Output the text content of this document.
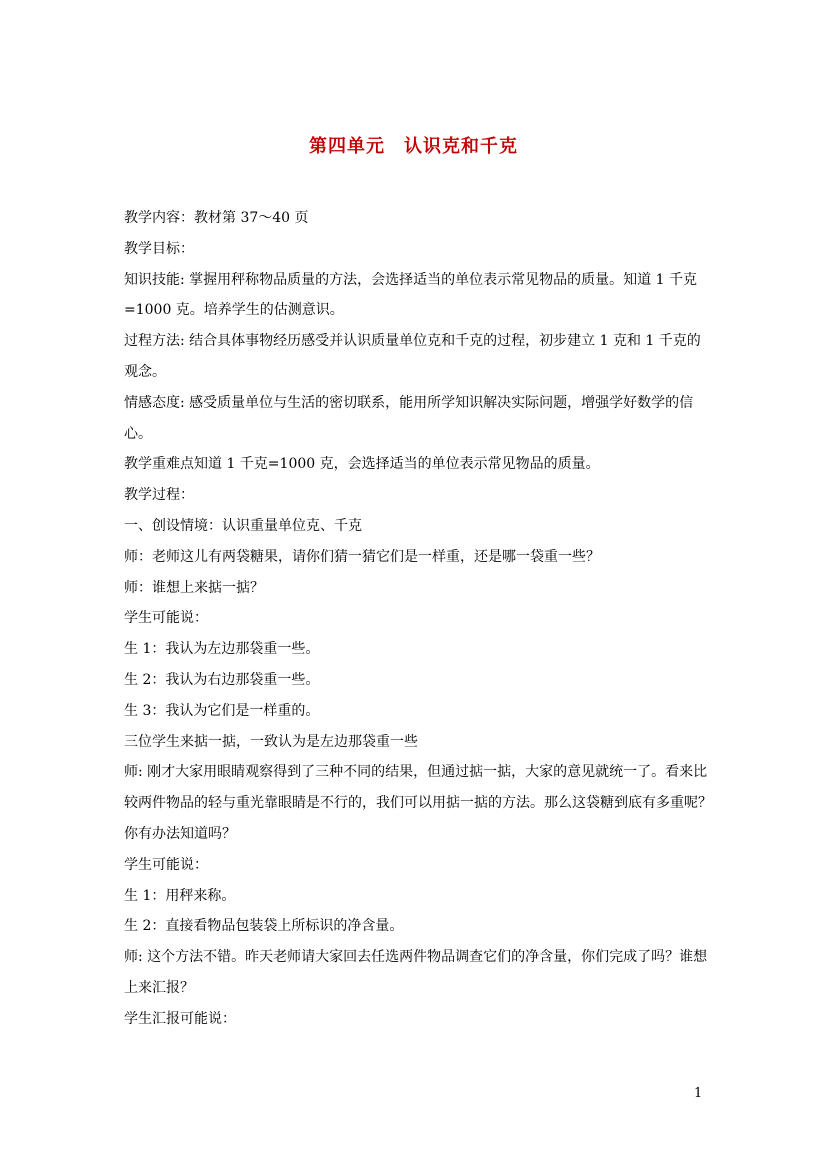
第四单元　认识克和千克

教学内容：教材第 37～40 页

教学目标：

知识技能: 掌握用秤称物品质量的方法，会选择适当的单位表示常见物品的质量。知道 1 千克=1000 克。培养学生的估测意识。

过程方法: 结合具体事物经历感受并认识质量单位克和千克的过程，初步建立 1 克和 1 千克的观念。

情感态度: 感受质量单位与生活的密切联系，能用所学知识解决实际问题，增强学好数学的信心。

教学重难点知道 1 千克=1000 克，会选择适当的单位表示常见物品的质量。

教学过程：

一、创设情境：认识重量单位克、千克

师：老师这儿有两袋糖果，请你们猜一猜它们是一样重，还是哪一袋重一些？

师：谁想上来掂一掂？

学生可能说：

生 1：我认为左边那袋重一些。

生 2：我认为右边那袋重一些。

生 3：我认为它们是一样重的。

三位学生来掂一掂，一致认为是左边那袋重一些

师: 刚才大家用眼睛观察得到了三种不同的结果，但通过掂一掂，大家的意见就统一了。看来比较两件物品的轻与重光靠眼睛是不行的，我们可以用掂一掂的方法。那么这袋糖到底有多重呢？你有办法知道吗？

学生可能说：

生 1：用秤来称。

生 2：直接看物品包装袋上所标识的净含量。

师: 这个方法不错。昨天老师请大家回去任选两件物品调查它们的净含量，你们完成了吗？谁想上来汇报？

学生汇报可能说：

1
